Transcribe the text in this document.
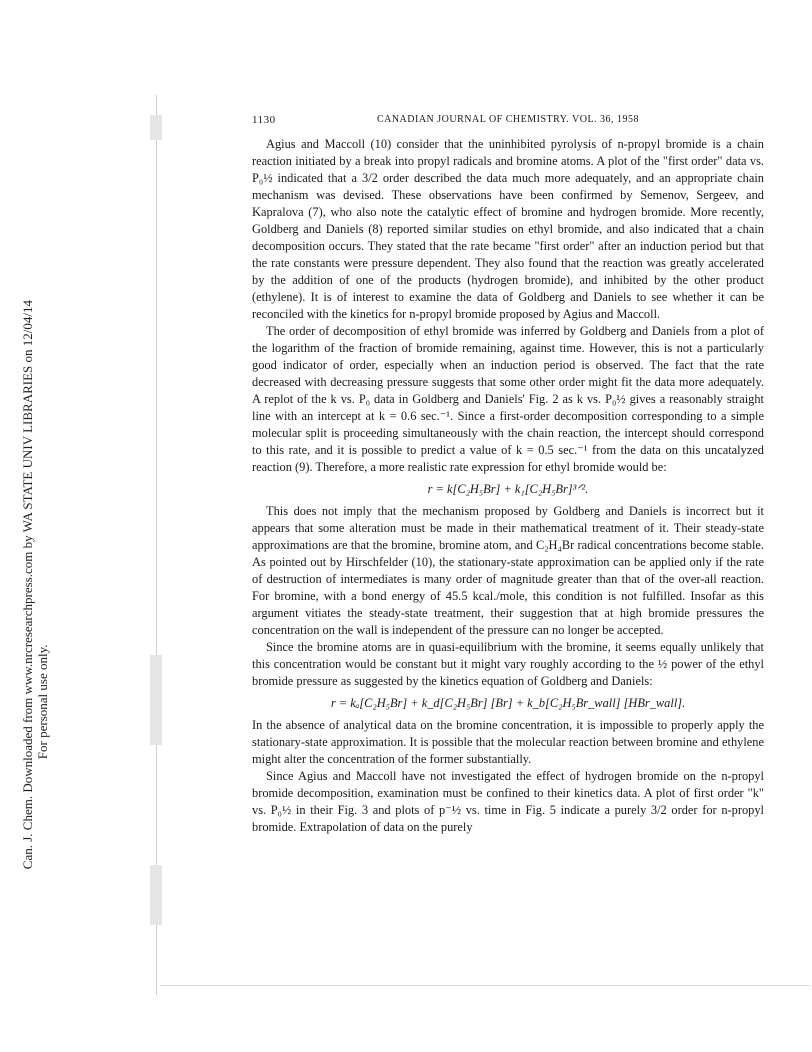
Can. J. Chem. Downloaded from www.nrcresearchpress.com by WA STATE UNIV LIBRARIES on 12/04/14 For personal use only.
1130	CANADIAN JOURNAL OF CHEMISTRY. VOL. 36, 1958

Agius and Maccoll (10) consider that the uninhibited pyrolysis of n-propyl bromide is a chain reaction initiated by a break into propyl radicals and bromine atoms. A plot of the "first order" data vs. P₀½ indicated that a 3/2 order described the data much more adequately, and an appropriate chain mechanism was devised. These observations have been confirmed by Semenov, Sergeev, and Kapralova (7), who also note the catalytic effect of bromine and hydrogen bromide. More recently, Goldberg and Daniels (8) reported similar studies on ethyl bromide, and also indicated that a chain decomposition occurs. They stated that the rate became "first order" after an induction period but that the rate constants were pressure dependent. They also found that the reaction was greatly accelerated by the addition of one of the products (hydrogen bromide), and inhibited by the other product (ethylene). It is of interest to examine the data of Goldberg and Daniels to see whether it can be reconciled with the kinetics for n-propyl bromide proposed by Agius and Maccoll.

The order of decomposition of ethyl bromide was inferred by Goldberg and Daniels from a plot of the logarithm of the fraction of bromide remaining, against time. However, this is not a particularly good indicator of order, especially when an induction period is observed. The fact that the rate decreased with decreasing pressure suggests that some other order might fit the data more adequately. A replot of the k vs. P₀ data in Goldberg and Daniels' Fig. 2 as k vs. P₀½ gives a reasonably straight line with an intercept at k = 0.6 sec.⁻¹. Since a first-order decomposition corresponding to a simple molecular split is proceeding simultaneously with the chain reaction, the intercept should correspond to this rate, and it is possible to predict a value of k = 0.5 sec.⁻¹ from the data on this uncatalyzed reaction (9). Therefore, a more realistic rate expression for ethyl bromide would be:

r = k[C₂H₅Br] + k₁[C₂H₅Br]³ᐟ².

This does not imply that the mechanism proposed by Goldberg and Daniels is incorrect but it appears that some alteration must be made in their mathematical treatment of it. Their steady-state approximations are that the bromine, bromine atom, and C₂H₄Br radical concentrations become stable. As pointed out by Hirschfelder (10), the stationary-state approximation can be applied only if the rate of destruction of intermediates is many order of magnitude greater than that of the over-all reaction. For bromine, with a bond energy of 45.5 kcal./mole, this condition is not fulfilled. Insofar as this argument vitiates the steady-state treatment, their suggestion that at high bromide pressures the concentration on the wall is independent of the pressure can no longer be accepted.

Since the bromine atoms are in quasi-equilibrium with the bromine, it seems equally unlikely that this concentration would be constant but it might vary roughly according to the ½ power of the ethyl bromide pressure as suggested by the kinetics equation of Goldberg and Daniels:

r = kₐ[C₂H₅Br] + k_d[C₂H₅Br] [Br] + k_b[C₂H₅Br_wall] [HBr_wall].

In the absence of analytical data on the bromine concentration, it is impossible to properly apply the stationary-state approximation. It is possible that the molecular reaction between bromine and ethylene might alter the concentration of the former substantially.

Since Agius and Maccoll have not investigated the effect of hydrogen bromide on the n-propyl bromide decomposition, examination must be confined to their kinetics data. A plot of first order "k" vs. P₀½ in their Fig. 3 and plots of p⁻½ vs. time in Fig. 5 indicate a purely 3/2 order for n-propyl bromide. Extrapolation of data on the purely
